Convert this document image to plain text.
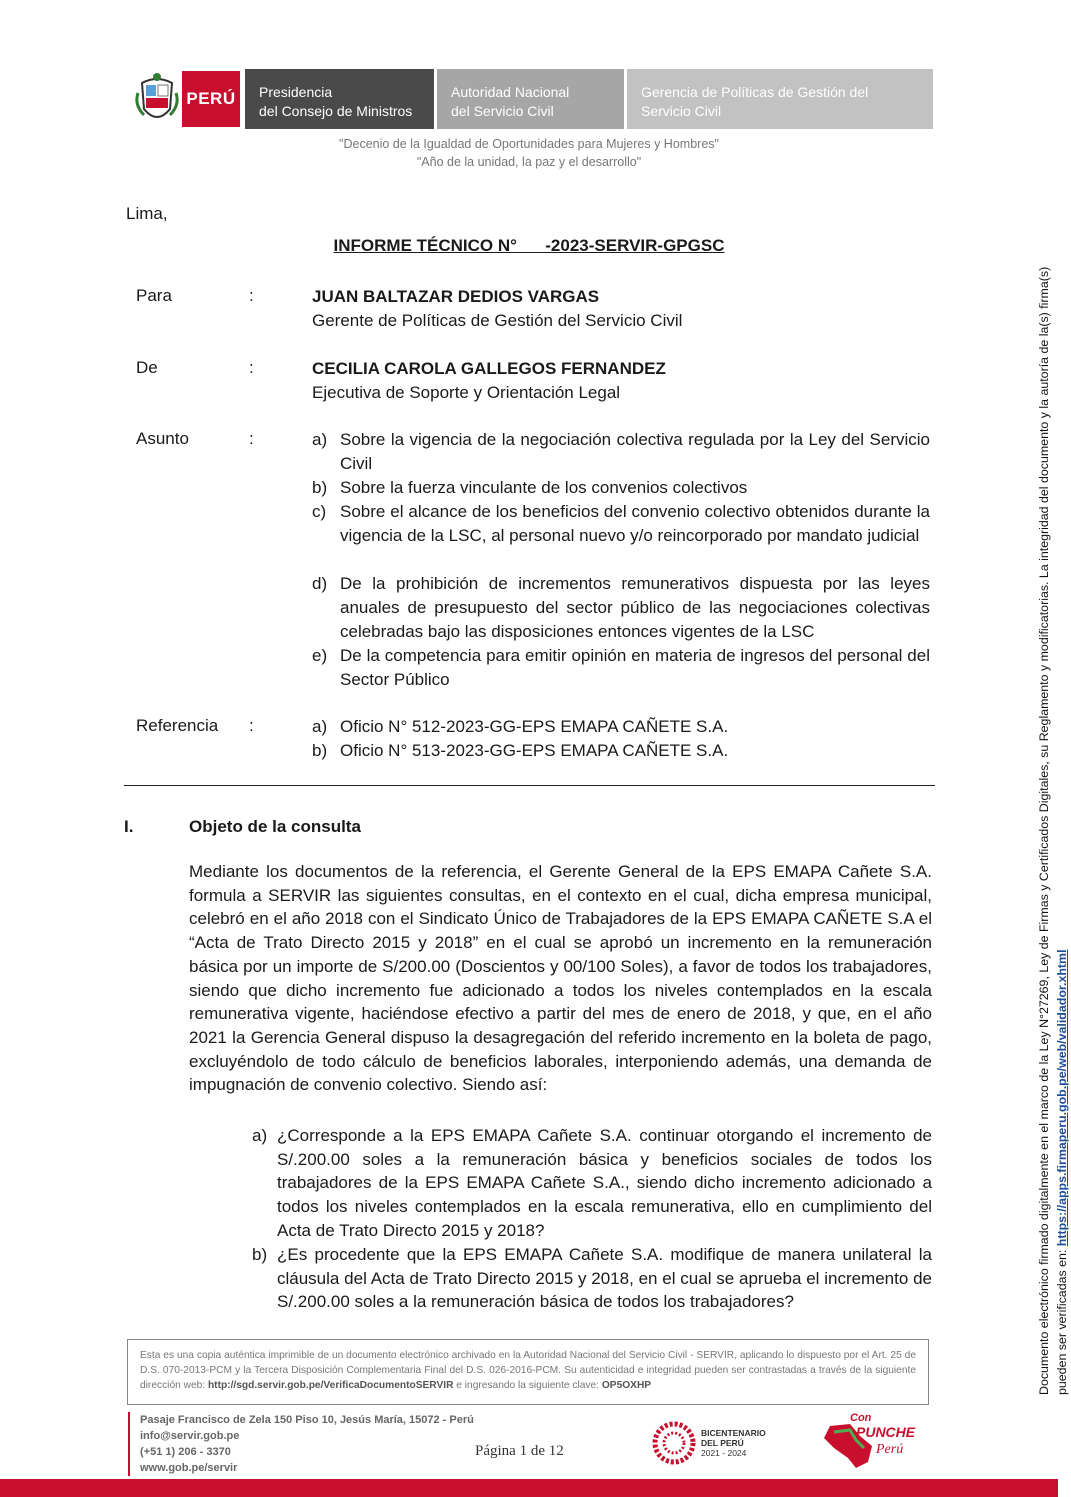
PERÚ	Presidencia
del Consejo de Ministros
Autoridad Nacional
del Servicio Civil
Gerencia de Políticas de Gestión del
Servicio Civil
"Decenio de la Igualdad de Oportunidades para Mujeres y Hombres"
"Año de la unidad, la paz y el desarrollo"
Lima,
INFORME TÉCNICO N°      -2023-SERVIR-GPGSC
Para	:	JUAN BALTAZAR DEDIOS VARGAS
Gerente de Políticas de Gestión del Servicio Civil
De	:	CECILIA CAROLA GALLEGOS FERNANDEZ
Ejecutiva de Soporte y Orientación Legal
Asunto	:	a) Sobre la vigencia de la negociación colectiva regulada por la Ley del Servicio Civil
b) Sobre la fuerza vinculante de los convenios colectivos
c) Sobre el alcance de los beneficios del convenio colectivo obtenidos durante la vigencia de la LSC, al personal nuevo y/o reincorporado por mandato judicial
d) De la prohibición de incrementos remunerativos dispuesta por las leyes anuales de presupuesto del sector público de las negociaciones colectivas celebradas bajo las disposiciones entonces vigentes de la LSC
e) De la competencia para emitir opinión en materia de ingresos del personal del Sector Público
Referencia :	a) Oficio N° 512-2023-GG-EPS EMAPA CAÑETE S.A.
b) Oficio N° 513-2023-GG-EPS EMAPA CAÑETE S.A.
I.	Objeto de la consulta
Mediante los documentos de la referencia, el Gerente General de la EPS EMAPA Cañete S.A. formula a SERVIR las siguientes consultas, en el contexto en el cual, dicha empresa municipal, celebró en el año 2018 con el Sindicato Único de Trabajadores de la EPS EMAPA CAÑETE S.A el “Acta de Trato Directo 2015 y 2018” en el cual se aprobó un incremento en la remuneración básica por un importe de S/200.00 (Doscientos y 00/100 Soles), a favor de todos los trabajadores, siendo que dicho incremento fue adicionado a todos los niveles contemplados en la escala remunerativa vigente, haciéndose efectivo a partir del mes de enero de 2018, y que, en el año 2021 la Gerencia General dispuso la desagregación del referido incremento en la boleta de pago, excluyéndolo de todo cálculo de beneficios laborales, interponiendo además, una demanda de impugnación de convenio colectivo. Siendo así:
a) ¿Corresponde a la EPS EMAPA Cañete S.A. continuar otorgando el incremento de S/.200.00 soles a la remuneración básica y beneficios sociales de todos los trabajadores de la EPS EMAPA Cañete S.A., siendo dicho incremento adicionado a todos los niveles contemplados en la escala remunerativa, ello en cumplimiento del Acta de Trato Directo 2015 y 2018?
b) ¿Es procedente que la EPS EMAPA Cañete S.A. modifique de manera unilateral la cláusula del Acta de Trato Directo 2015 y 2018, en el cual se aprueba el incremento de S/.200.00 soles a la remuneración básica de todos los trabajadores?	Documento electrónico firmado digitalmente en el marco de la Ley N°27269, Ley de Firmas y Certificados Digitales, su Reglamento y modificatorias. La integridad del documento y la autoría de la(s) firma(s) pueden ser verificadas en: https://apps.firmaperu.gob.pe/web/validador.xhtml
Esta es una copia auténtica imprimible de un documento electrónico archivado en la Autoridad Nacional del Servicio Civil - SERVIR, aplicando lo dispuesto por el Art. 25 de D.S. 070-2013-PCM y la Tercera Disposición Complementaria Final del D.S. 026-2016-PCM. Su autenticidad e integridad pueden ser contrastadas a través de la siguiente dirección web: http://sgd.servir.gob.pe/VerificaDocumentoSERVIR e ingresando la siguiente clave: OP5OXHP
Pasaje Francisco de Zela 150 Piso 10, Jesús María, 15072 - Perú
info@servir.gob.pe
(+51 1) 206 - 3370
www.gob.pe/servir
Página 1 de 12
BICENTENARIO
DEL PERÚ
2021 - 2024
Con
PUNCHE
Perú
